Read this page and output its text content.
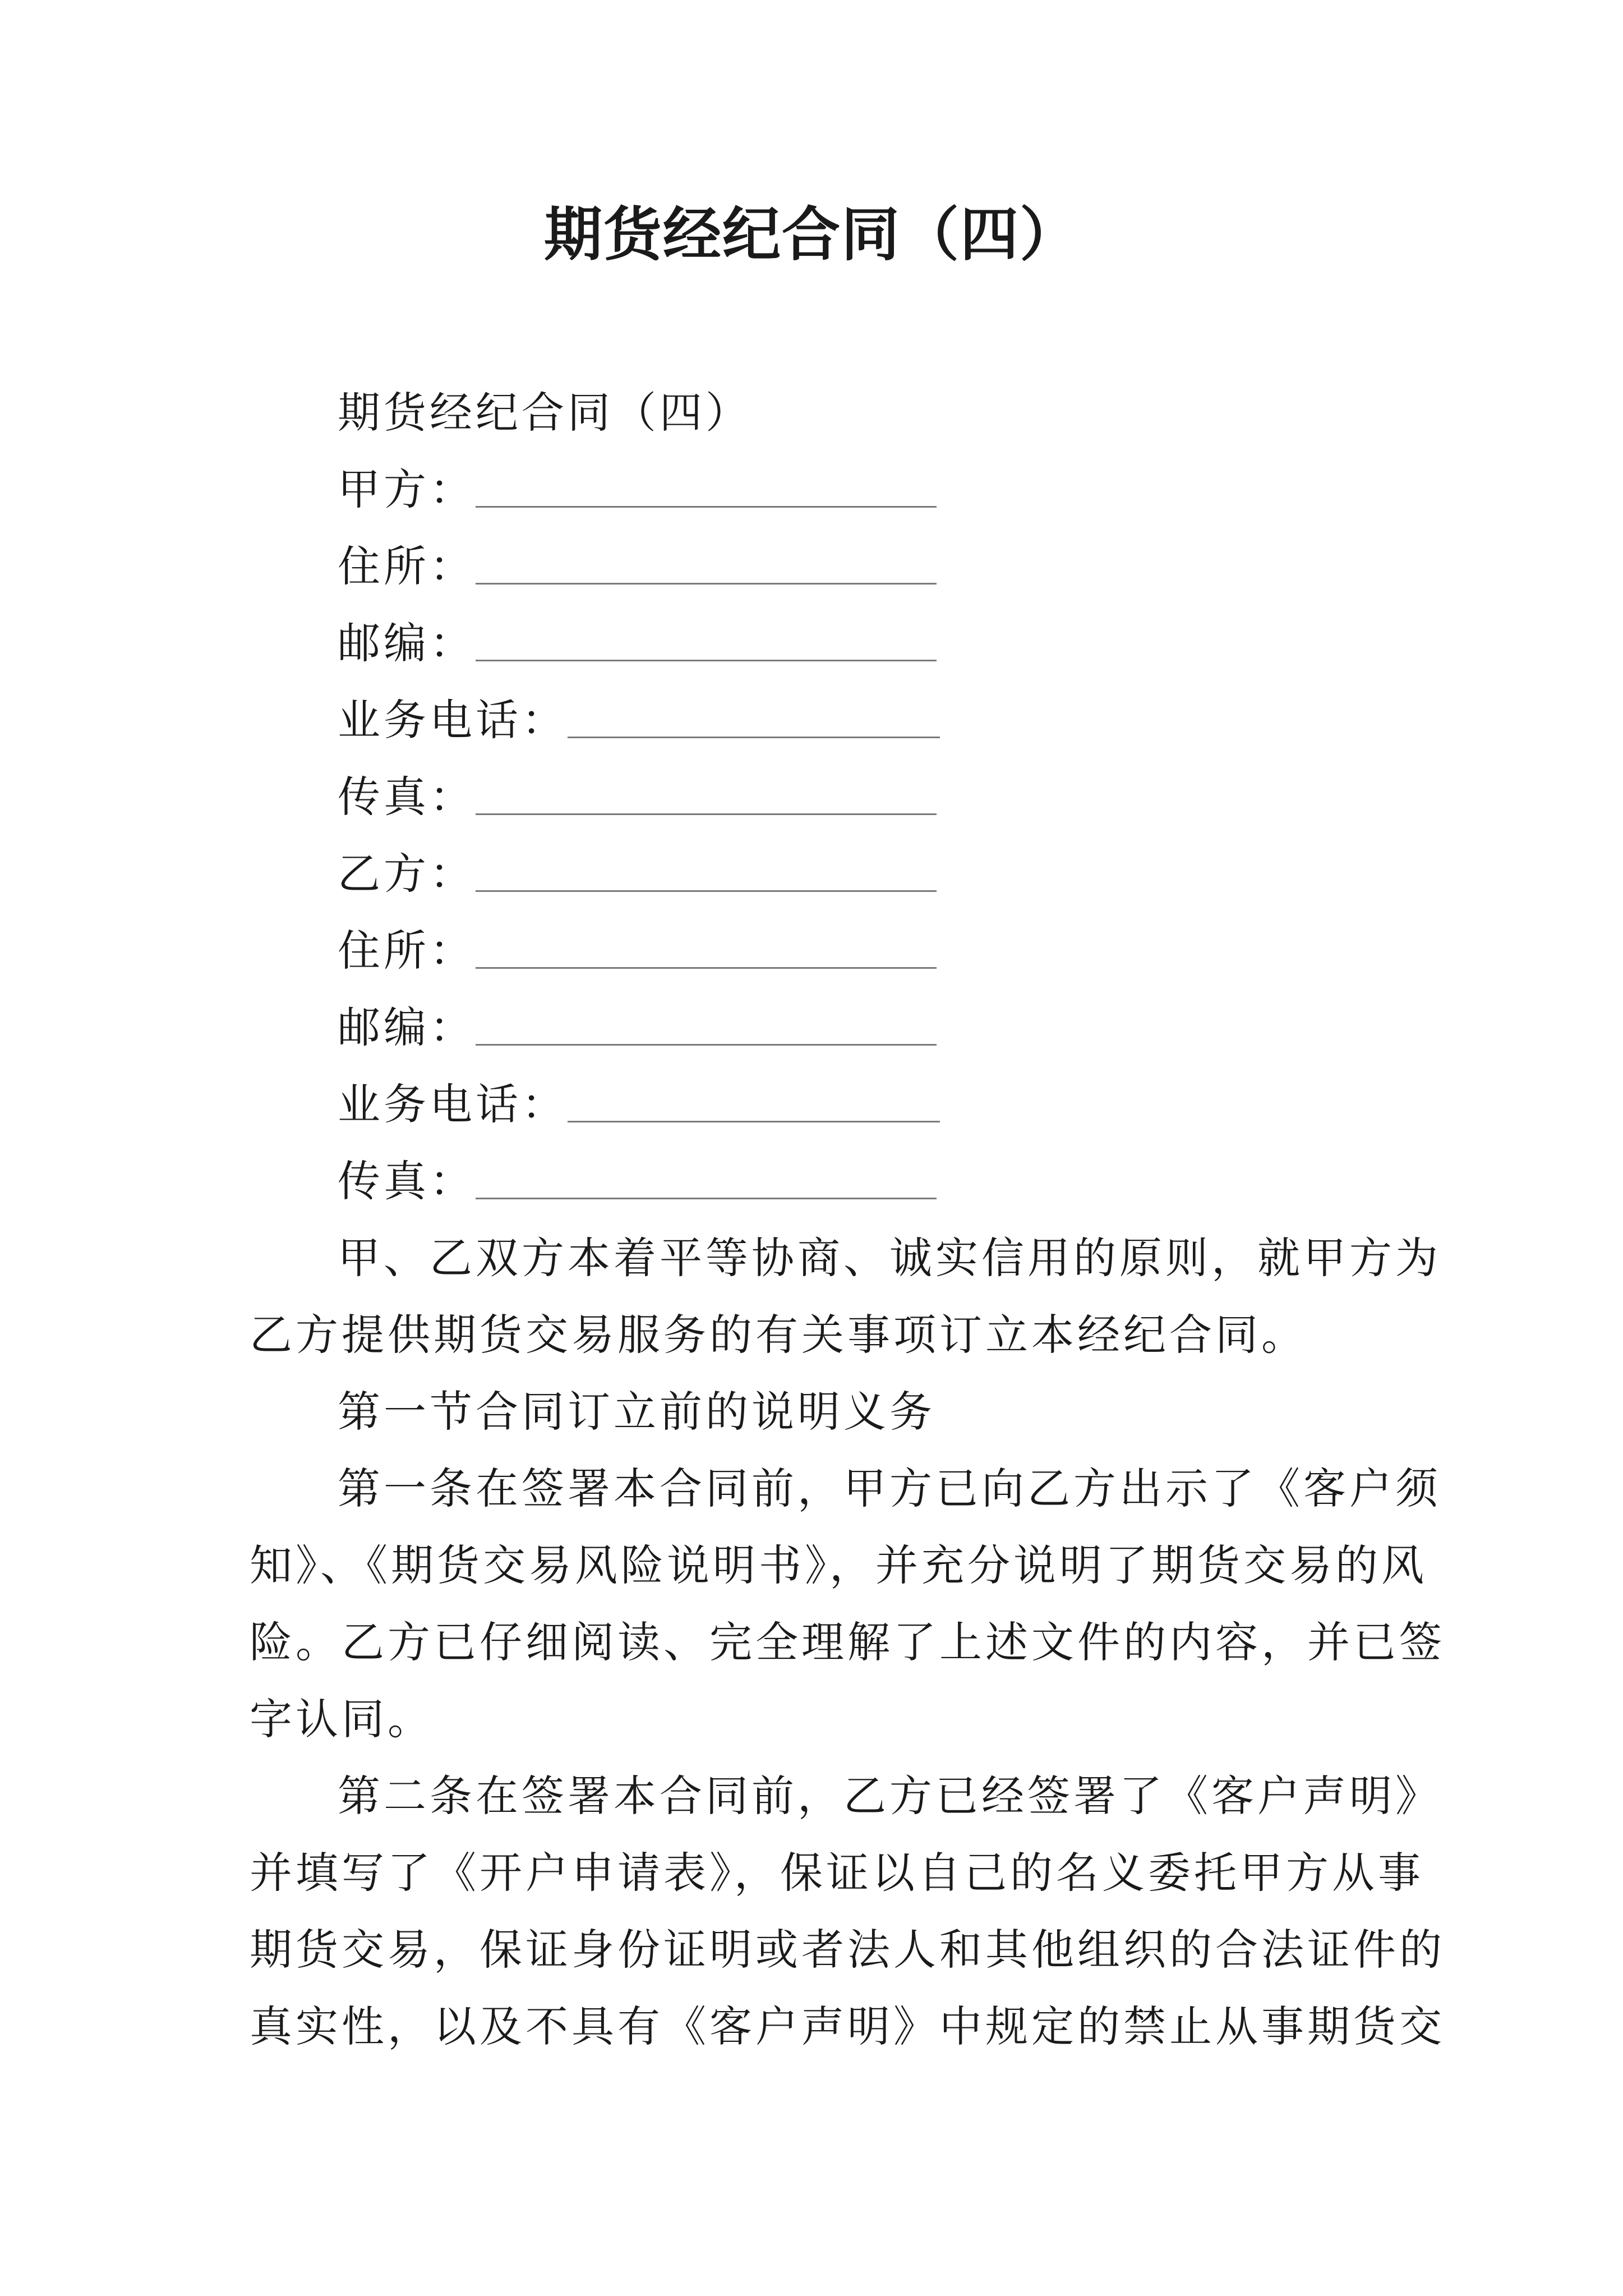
期货经纪合同（四）
期货经纪合同（四）
甲方：
住所：
邮编：
业务电话：
传真：
乙方：
住所：
邮编：
业务电话：
传真：
甲、乙双方本着平等协商、诚实信用的原则，就甲方为
乙方提供期货交易服务的有关事项订立本经纪合同。
第一节合同订立前的说明义务
第一条在签署本合同前，甲方已向乙方出示了《客户须
知》、《期货交易风险说明书》，并充分说明了期货交易的风
险。乙方已仔细阅读、完全理解了上述文件的内容，并已签
字认同。
第二条在签署本合同前，乙方已经签署了《客户声明》
并填写了《开户申请表》，保证以自己的名义委托甲方从事
期货交易，保证身份证明或者法人和其他组织的合法证件的
真实性，以及不具有《客户声明》中规定的禁止从事期货交
